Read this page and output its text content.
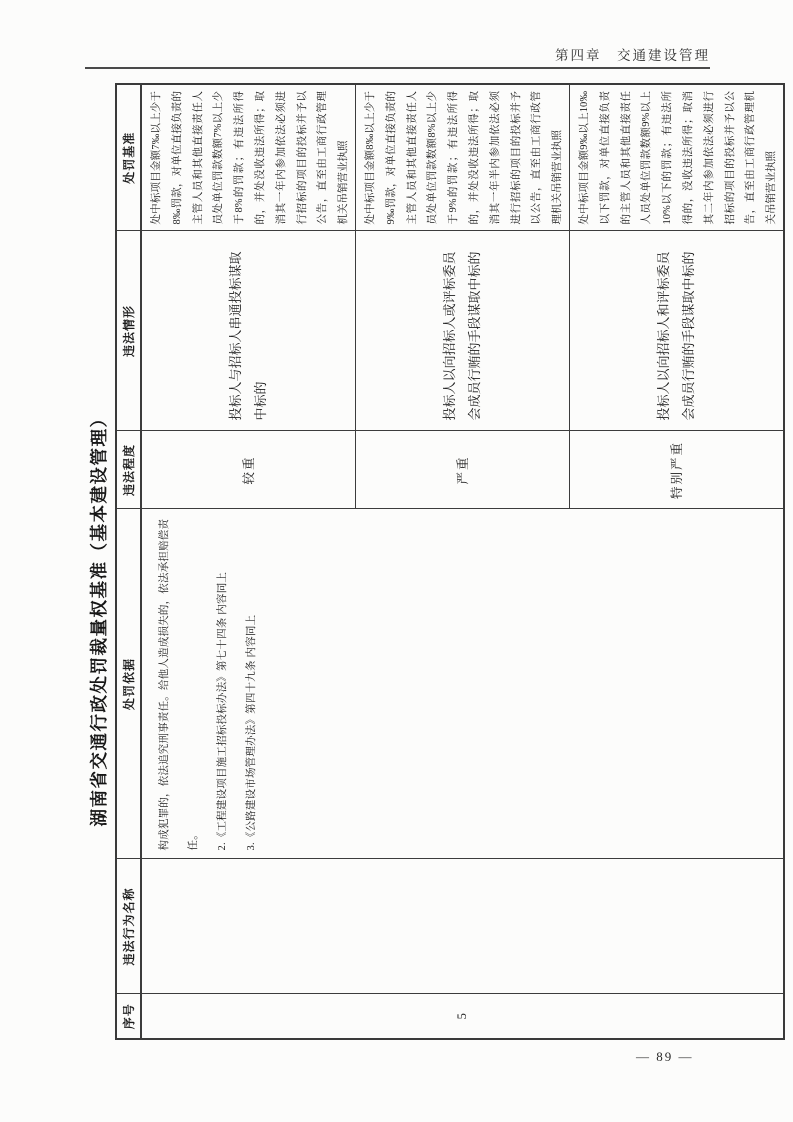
第四章　交通建设管理
湖南省交通行政处罚裁量权基准（基本建设管理）
序号	违法行为名称	处罚依据	违法程度	违法情形	处罚基准
5		构成犯罪的，依法追究刑事责任。给他人造成损失的，依法承担赔偿责任。 2.《工程建设项目施工招标投标办法》第七十四条 内容同上 3.《公路建设市场管理办法》第四十九条 内容同上	较重	投标人与招标人串通投标谋取中标的	处中标项目金额7‰以上少于8‰罚款，对单位直接负责的主管人员和其他直接责任人员处单位罚款数额7%以上少于8%的罚款；有违法所得的，并处没收违法所得；取消其一年内参加依法必须进行招标的项目的投标并予以公告，直至由工商行政管理机关吊销营业执照
			严重	投标人以向招标人或评标委员会成员行贿的手段谋取中标的	处中标项目金额8‰以上少于9‰罚款，对单位直接负责的主管人员和其他直接责任人员处单位罚款数额8%以上少于9%的罚款；有违法所得的，并处没收违法所得；取消其一年半内参加依法必须进行招标的项目的投标并予以公告，直至由工商行政管理机关吊销营业执照
			特别严重	投标人以向招标人和评标委员会成员行贿的手段谋取中标的	处中标项目金额9‰以上10‰以下罚款，对单位直接负责的主管人员和其他直接责任人员处单位罚款数额9%以上10%以下的罚款；有违法所得的，没收违法所得；取消其二年内参加依法必须进行招标的项目的投标并予以公告，直至由工商行政管理机关吊销营业执照
— 89 —
